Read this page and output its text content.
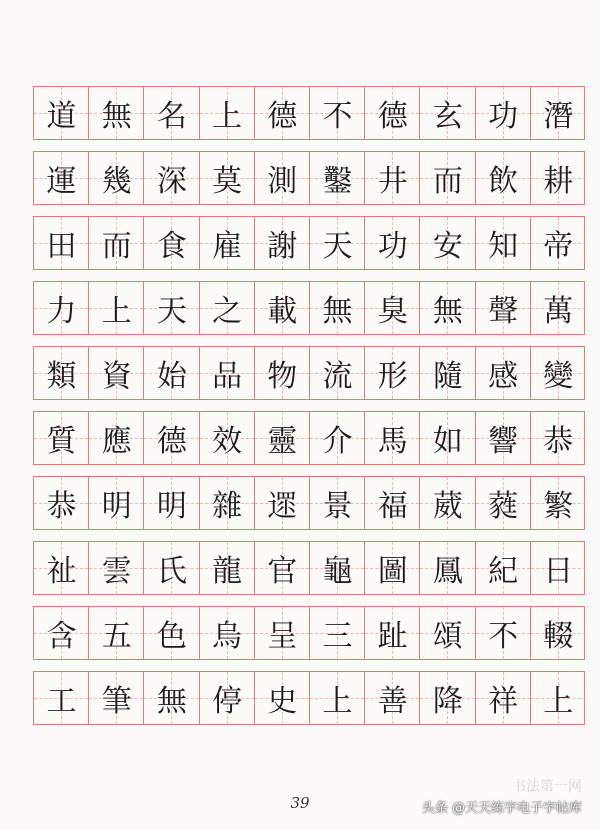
道 無 名 上 德 不 德 玄 功 潛
運 幾 深 莫 測 鑿 井 而 飲 耕
田 而 食 雇 謝 天 功 安 知 帝
力 上 天 之 載 無 臭 無 聲 萬
類 資 始 品 物 流 形 隨 感 變
質 應 德 效 靈 介 馬 如 響 恭
恭 明 明 雜 遝 景 福 葳 蕤 繁
祉 雲 氏 龍 官 龜 圖 鳳 紀 日
含 五 色 烏 呈 三 趾 頌 不 輟
工 筆 無 停 史 上 善 降 祥 上
39
书法第一网
头条 @天天练字电子字帖库
